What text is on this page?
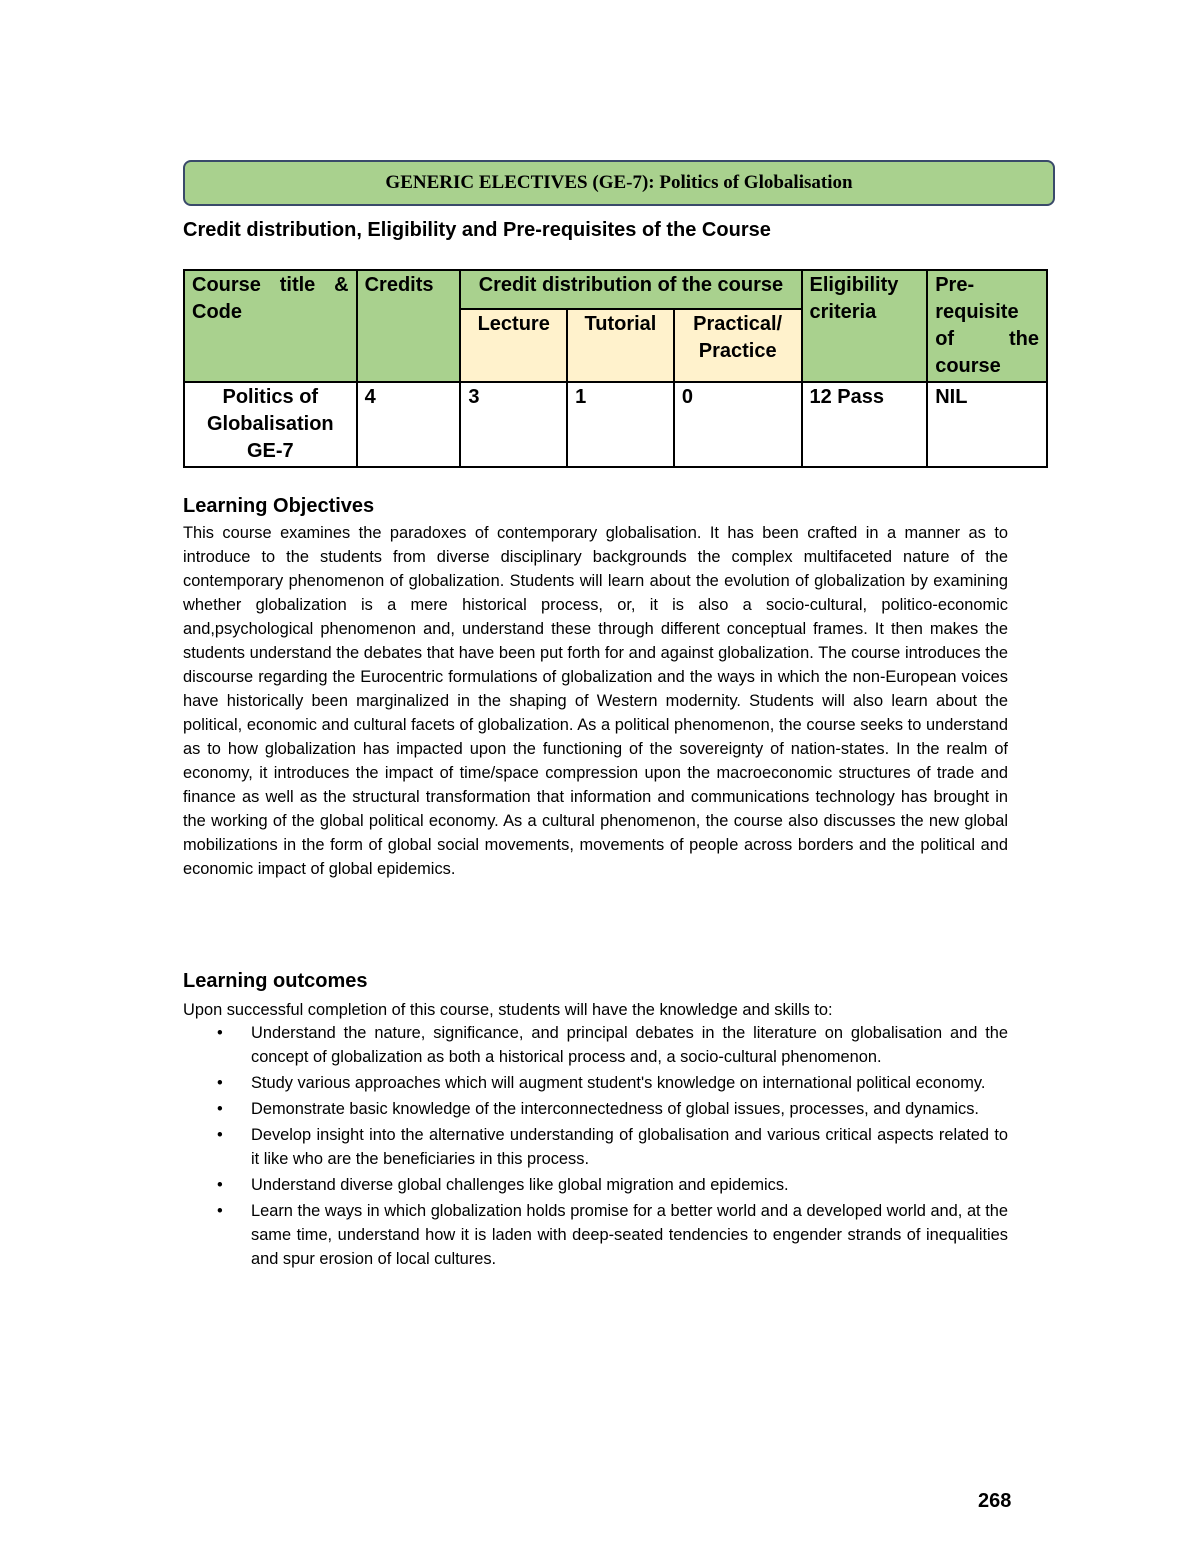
GENERIC ELECTIVES (GE-7): Politics of Globalisation
Credit distribution, Eligibility and Pre-requisites of the Course
Course title & Code	Credits	Credit distribution of the course			Eligibility criteria	Pre-requisite of the course
		Lecture	Tutorial	Practical/ Practice		
Politics of Globalisation GE-7	4	3	1	0	12 Pass	NIL
Learning Objectives
This course examines the paradoxes of contemporary globalisation. It has been crafted in a manner as to introduce to the students from diverse disciplinary backgrounds the complex multifaceted nature of the contemporary phenomenon of globalization. Students will learn about the evolution of globalization by examining whether globalization is a mere historical process, or, it is also a socio-cultural, politico-economic and,psychological phenomenon and, understand these through different conceptual frames. It then makes the students understand the debates that have been put forth for and against globalization. The course introduces the discourse regarding the Eurocentric formulations of globalization and the ways in which the non-European voices have historically been marginalized in the shaping of Western modernity. Students will also learn about the political, economic and cultural facets of globalization. As a political phenomenon, the course seeks to understand as to how globalization has impacted upon the functioning of the sovereignty of nation-states. In the realm of economy, it introduces the impact of time/space compression upon the macroeconomic structures of trade and finance as well as the structural transformation that information and communications technology has brought in the working of the global political economy. As a cultural phenomenon, the course also discusses the new global mobilizations in the form of global social movements, movements of people across borders and the political and economic impact of global epidemics.
Learning outcomes
Upon successful completion of this course, students will have the knowledge and skills to:
• Understand the nature, significance, and principal debates in the literature on globalisation and the concept of globalization as both a historical process and, a socio-cultural phenomenon.
• Study various approaches which will augment student's knowledge on international political economy.
• Demonstrate basic knowledge of the interconnectedness of global issues, processes, and dynamics.
• Develop insight into the alternative understanding of globalisation and various critical aspects related to it like who are the beneficiaries in this process.
• Understand diverse global challenges like global migration and epidemics.
• Learn the ways in which globalization holds promise for a better world and a developed world and, at the same time, understand how it is laden with deep-seated tendencies to engender strands of inequalities and spur erosion of local cultures.
268
